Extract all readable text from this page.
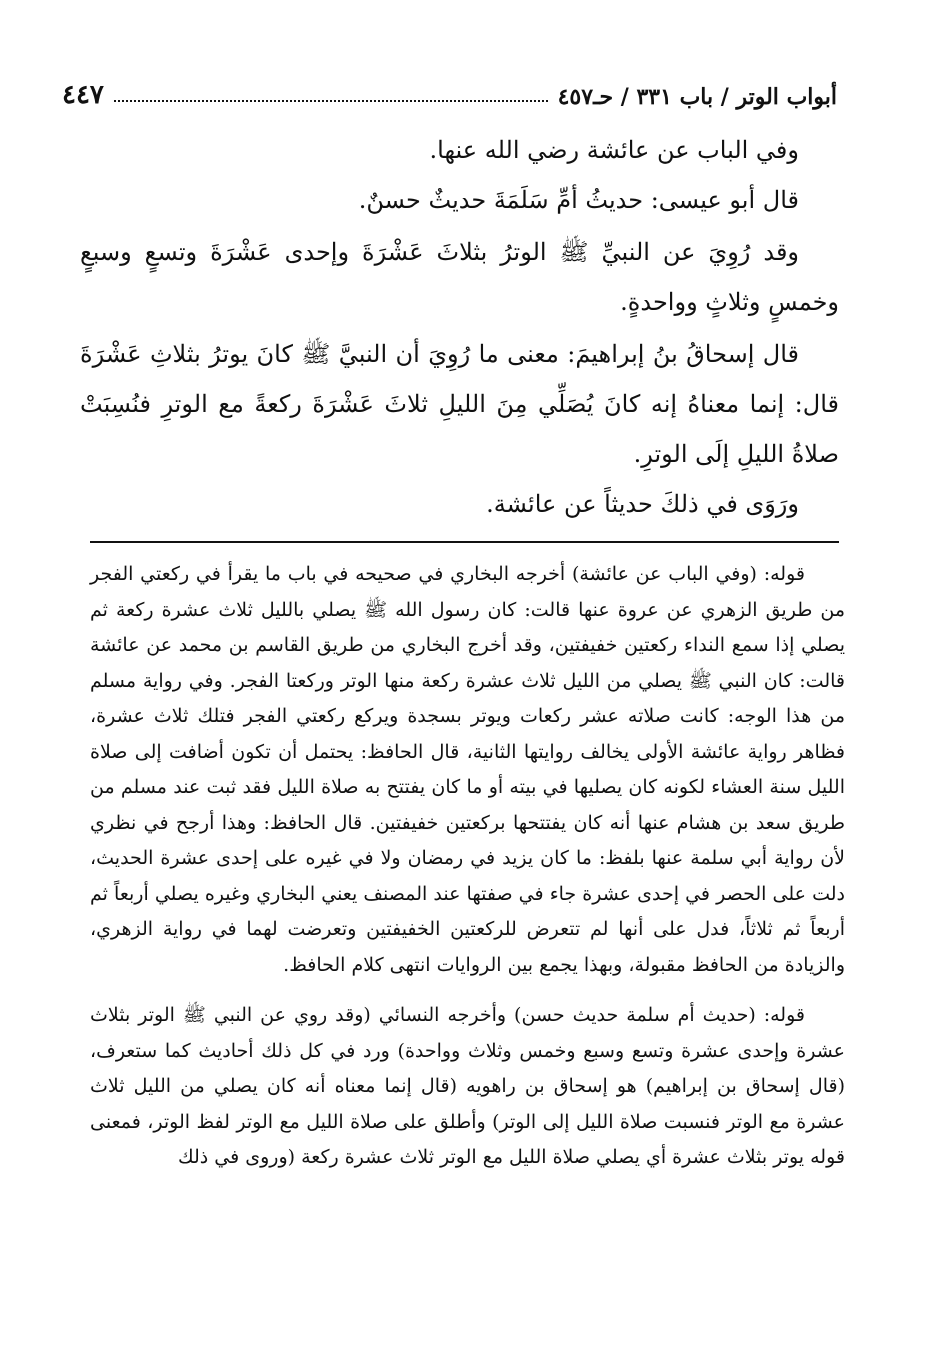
أبواب الوتر / باب ٣٣١ / حـ٤٥٧
٤٤٧

وفي الباب عن عائشة رضي الله عنها.

قال أبو عيسى: حديثُ أمِّ سَلَمَةَ حديثٌ حسنٌ.

وقد رُوِيَ عن النبيِّ ﷺ الوترُ بثلاثَ عَشْرَةَ وإحدى عَشْرَةَ وتسعٍ وسبعٍ وخمسٍ وثلاثٍ وواحدةٍ.

قال إسحاقُ بنُ إبراهيمَ: معنى ما رُوِيَ أن النبيَّ ﷺ كانَ يوترُ بثلاثِ عَشْرَةَ قال: إنما معناهُ إنه كانَ يُصَلِّي مِنَ الليلِ ثلاثَ عَشْرَةَ ركعةً مع الوترِ فنُسِبَتْ صلاةُ الليلِ إلَى الوترِ.

ورَوَى في ذلكَ حديثاً عن عائشة.

قوله: (وفي الباب عن عائشة) أخرجه البخاري في صحيحه في باب ما يقرأ في ركعتي الفجر من طريق الزهري عن عروة عنها قالت: كان رسول الله ﷺ يصلي بالليل ثلاث عشرة ركعة ثم يصلي إذا سمع النداء ركعتين خفيفتين، وقد أخرج البخاري من طريق القاسم بن محمد عن عائشة قالت: كان النبي ﷺ يصلي من الليل ثلاث عشرة ركعة منها الوتر وركعتا الفجر. وفي رواية مسلم من هذا الوجه: كانت صلاته عشر ركعات ويوتر بسجدة ويركع ركعتي الفجر فتلك ثلاث عشرة، فظاهر رواية عائشة الأولى يخالف روايتها الثانية، قال الحافظ: يحتمل أن تكون أضافت إلى صلاة الليل سنة العشاء لكونه كان يصليها في بيته أو ما كان يفتتح به صلاة الليل فقد ثبت عند مسلم من طريق سعد بن هشام عنها أنه كان يفتتحها بركعتين خفيفتين. قال الحافظ: وهذا أرجح في نظري لأن رواية أبي سلمة عنها بلفظ: ما كان يزيد في رمضان ولا في غيره على إحدى عشرة الحديث، دلت على الحصر في إحدى عشرة جاء في صفتها عند المصنف يعني البخاري وغيره يصلي أربعاً ثم أربعاً ثم ثلاثاً، فدل على أنها لم تتعرض للركعتين الخفيفتين وتعرضت لهما في رواية الزهري، والزيادة من الحافظ مقبولة، وبهذا يجمع بين الروايات انتهى كلام الحافظ.

قوله: (حديث أم سلمة حديث حسن) وأخرجه النسائي (وقد روي عن النبي ﷺ الوتر بثلاث عشرة وإحدى عشرة وتسع وسبع وخمس وثلاث وواحدة) ورد في كل ذلك أحاديث كما ستعرف، (قال إسحاق بن إبراهيم) هو إسحاق بن راهويه (قال إنما معناه أنه كان يصلي من الليل ثلاث عشرة مع الوتر فنسبت صلاة الليل إلى الوتر) وأطلق على صلاة الليل مع الوتر لفظ الوتر، فمعنى قوله يوتر بثلاث عشرة أي يصلي صلاة الليل مع الوتر ثلاث عشرة ركعة (وروى في ذلك
